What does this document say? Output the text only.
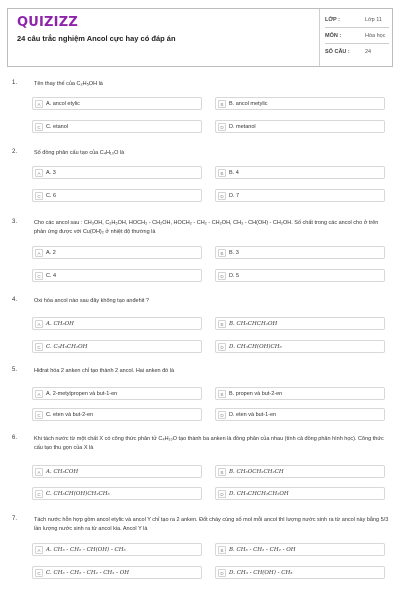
QUIZIZZ
24 câu trắc nghiệm Ancol cực hay có đáp án
LỚP :	Lớp 11
MÔN :	Hóa học
SỐ CÂU :	24
1.	Tên thay thế của C₂H₅OH là
A	A. ancol etylic	B	B. ancol metylic
C C. etanol	D D. metanol
2.	Số đồng phân cấu tạo của C₄H₁₀O là
A	A. 3	B	B. 4
C C. 6	D D. 7
3.	Cho các ancol sau : CH₃OH, C₂H₅OH, HOCH₂ - CH₂OH, HOCH₂ - CH₂ - CH₂OH, CH₃ - CH(OH) - CH₂OH. Số chất trong các ancol cho ở trên phản ứng được với Cu(OH)₂ ở nhiệt độ thường là
A	A. 2	B	B. 3
C C. 4	D D. 5
4.	Oxi hóa ancol nào sau đây không tạo anđehit ?
A	A. CH₃OH	B	B. CH₃CHCH₂OH
C C. C₆H₅CH₂OH	D D. CH₃CH(OH)CH₃
5.	Hiđrat hóa 2 anken chỉ tạo thành 2 ancol. Hai anken đó là
A	A. 2-metylpropen và but-1-en	B	B. propen và but-2-en
C C. eten và but-2-en	D D. eten và but-1-en
6.	Khi tách nước từ một chất X có công thức phân tử C₄H₁₀O tạo thành ba anken là đồng phân của nhau (tính cả đồng phân hình học). Công thức cấu tạo thu gọn của X là
A	A. CH₃COH	B	B. CH₃OCH₂CH₂CH
C C. CH₃CH(OH)CH₂CH₃	D D. CH₃CHCH₂CH₂OH
7.	Tách nước hỗn hợp gồm ancol etylic và ancol Y chỉ tạo ra 2 anken. Đốt cháy cùng số mol mỗi ancol thì lượng nước sinh ra từ ancol này bằng 5/3 lần lượng nước sinh ra từ ancol kia. Ancol Y là
A	A. CH₃ - CH₂ - CH(OH) - CH₃	B	B. CH₃ - CH₂ - CH₂ - OH
C C. CH₃ - CH₂ - CH₂ - CH₂ - OH	D D. CH₃ - CH(OH) - CH₃
